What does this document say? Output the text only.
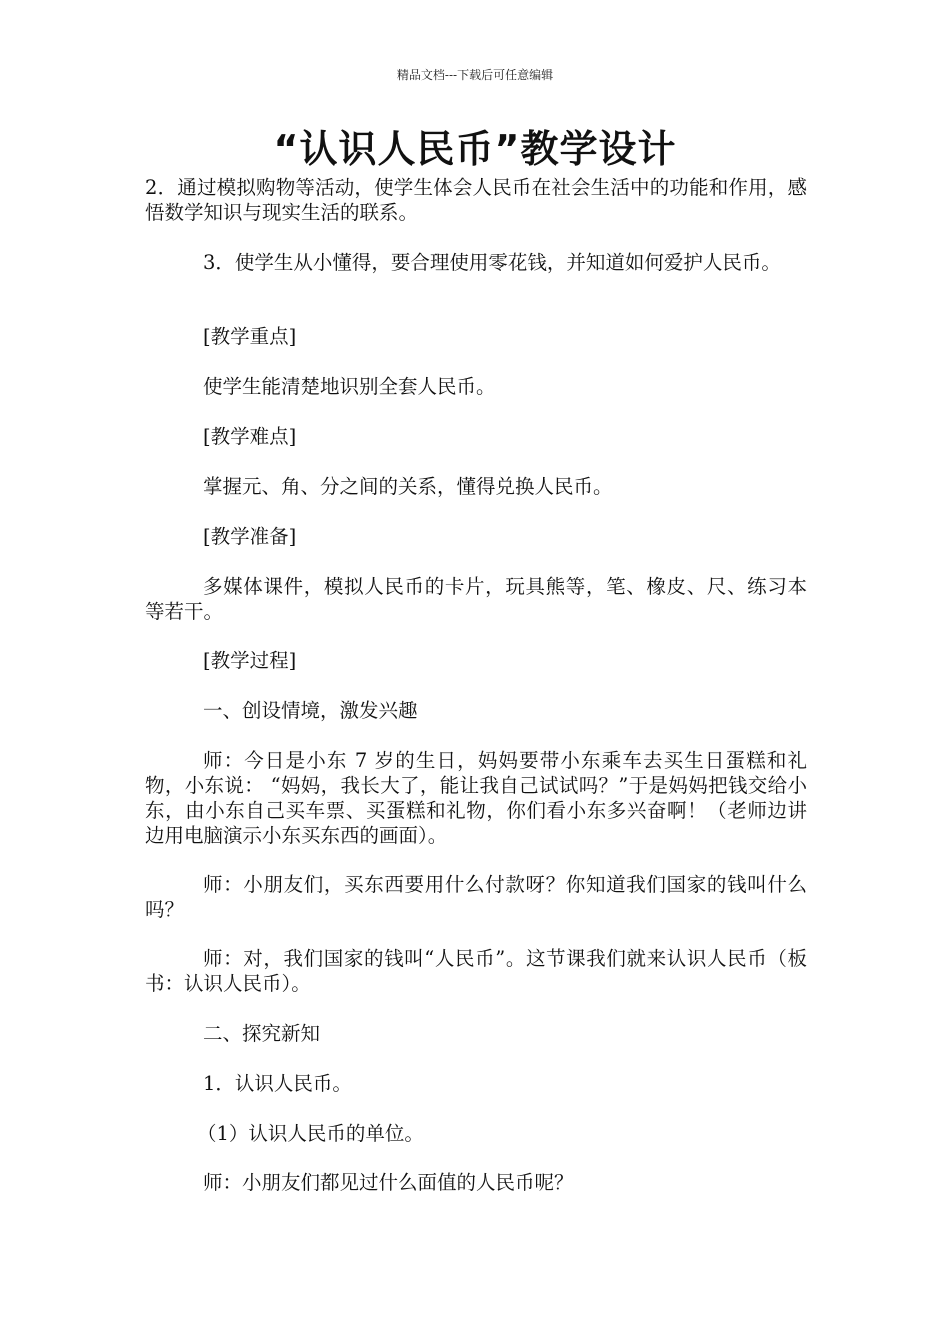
精品文档---下载后可任意编辑
“认识人民币”教学设计

2．通过模拟购物等活动，使学生体会人民币在社会生活中的功能和作用，感悟数学知识与现实生活的联系。

3．使学生从小懂得，要合理使用零花钱，并知道如何爱护人民币。

[教学重点]

使学生能清楚地识别全套人民币。

[教学难点]

掌握元、角、分之间的关系，懂得兑换人民币。

[教学准备]

多媒体课件，模拟人民币的卡片，玩具熊等，笔、橡皮、尺、练习本等若干。

[教学过程]

一、创设情境，激发兴趣

师：今日是小东 7 岁的生日，妈妈要带小东乘车去买生日蛋糕和礼物，小东说： “妈妈，我长大了，能让我自己试试吗？”于是妈妈把钱交给小东，由小东自己买车票、买蛋糕和礼物，你们看小东多兴奋啊！（老师边讲边用电脑演示小东买东西的画面）。

师：小朋友们，买东西要用什么付款呀？你知道我们国家的钱叫什么吗？

师：对，我们国家的钱叫“人民币”。这节课我们就来认识人民币（板书：认识人民币）。

二、探究新知

1．认识人民币。

（1）认识人民币的单位。

师：小朋友们都见过什么面值的人民币呢？
